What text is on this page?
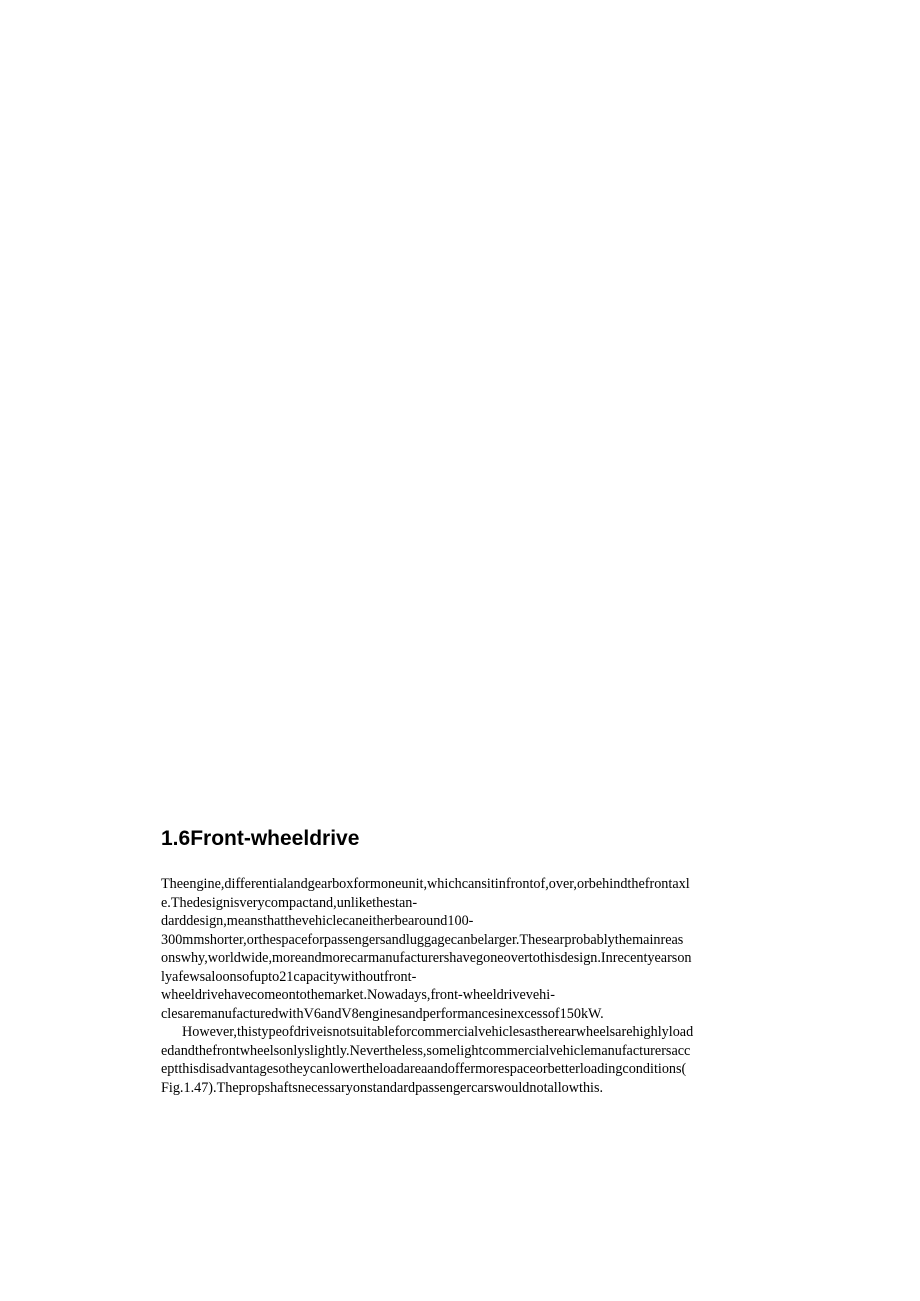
1.6Front-wheeldrive
Theengine,differentialandgearboxformoneunit,whichcansitinfrontof,over,orbehindthefrontaxl
e.Thedesignisverycompactand,unlikethestan-
darddesign,meansthatthevehiclecaneitherbearound100-
300mmshorter,orthespaceforpassengersandluggagecanbelarger.Thesearprobablythemainreas
onswhy,worldwide,moreandmorecarmanufacturershavegoneovertothisdesign.Inrecentyearson
lyafewsaloonsofupto21capacitywithoutfront-
wheeldrivehavecomeontothemarket.Nowadays,front-wheeldrivevehi-
clesaremanufacturedwithV6andV8enginesandperformancesinexcessof150kW.
However,thistypeofdriveisnotsuitableforcommercialvehiclesastherearwheelsarehighlyload
edandthefrontwheelsonlyslightly.Nevertheless,somelightcommercialvehiclemanufacturersacc
eptthisdisadvantagesotheycanlowertheloadareaandoffermorespaceorbetterloadingconditions(
Fig.1.47).Thepropshaftsnecessaryonstandardpassengercarswouldnotallowthis.
